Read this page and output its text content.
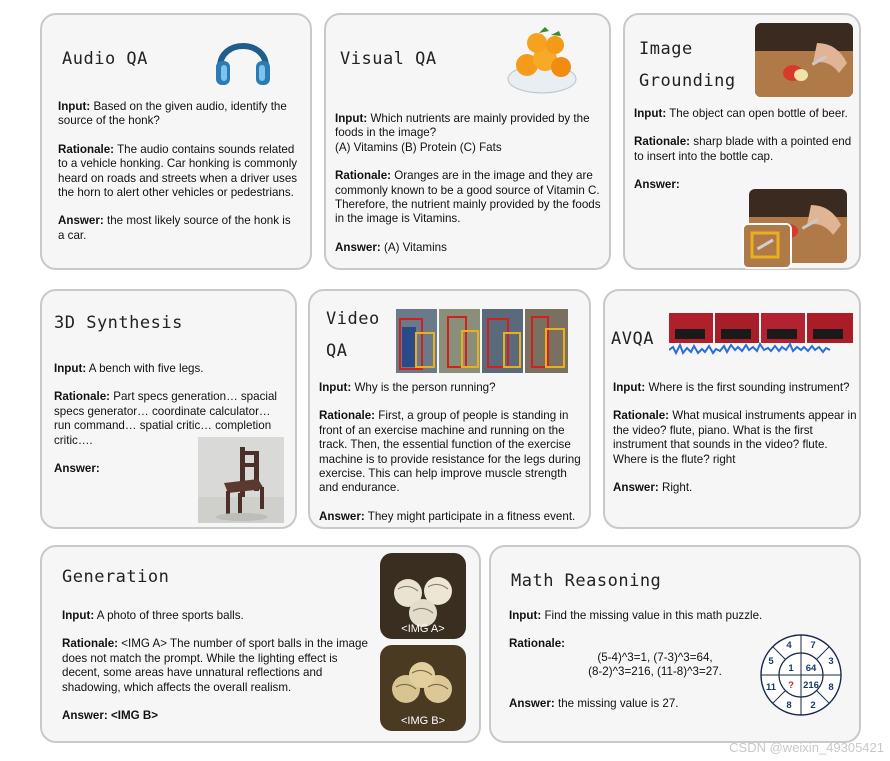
Audio QA

Input: Based on the given audio, identify the source of the honk?

Rationale: The audio contains sounds related to a vehicle honking. Car honking is commonly heard on roads and streets when a driver uses the horn to alert other vehicles or pedestrians.

Answer: the most likely source of the honk is a car.

Visual QA

Input: Which nutrients are mainly provided by the foods in the image?
(A) Vitamins (B) Protein (C) Fats

Rationale: Oranges are in the image and they are commonly known to be a good source of Vitamin C. Therefore, the nutrient mainly provided by the foods in the image is Vitamins.

Answer: (A) Vitamins

Image
Grounding

Input: The object can open bottle of beer.

Rationale: sharp blade with a pointed end to insert into the bottle cap.

Answer:

3D Synthesis

Input: A bench with five legs.

Rationale: Part specs generation… spacial specs generator… coordinate calculator… run command… spatial critic… completion critic….

Answer:

Video
QA

Input: Why is the person running?

Rationale: First, a group of people is standing in front of an exercise machine and running on the track. Then, the essential function of the exercise machine is to provide resistance for the legs during exercise. This can help improve muscle strength and endurance.

Answer: They might participate in a fitness event.

AVQA

Input: Where is the first sounding instrument?

Rationale: What musical instruments appear in the video? flute, piano. What is the first instrument that sounds in the video? flute. Where is the flute? right

Answer: Right.

Generation

Input: A photo of three sports balls.

Rationale: <IMG A> The number of sport balls in the image does not match the prompt. While the lighting effect is decent, some areas have unnatural reflections and shadowing, which affects the overall realism.

Answer: <IMG B>

<IMG A>
<IMG B>
Math Reasoning

Input: Find the missing value in this math puzzle.

Rationale:

(5-4)^3=1, (7-3)^3=64,
(8-2)^3=216, (11-8)^3=27.
Answer: the missing value is 27.
4 7
3
8
2
8
11
5
1 64
216
?
CSDN @weixin_49305421
